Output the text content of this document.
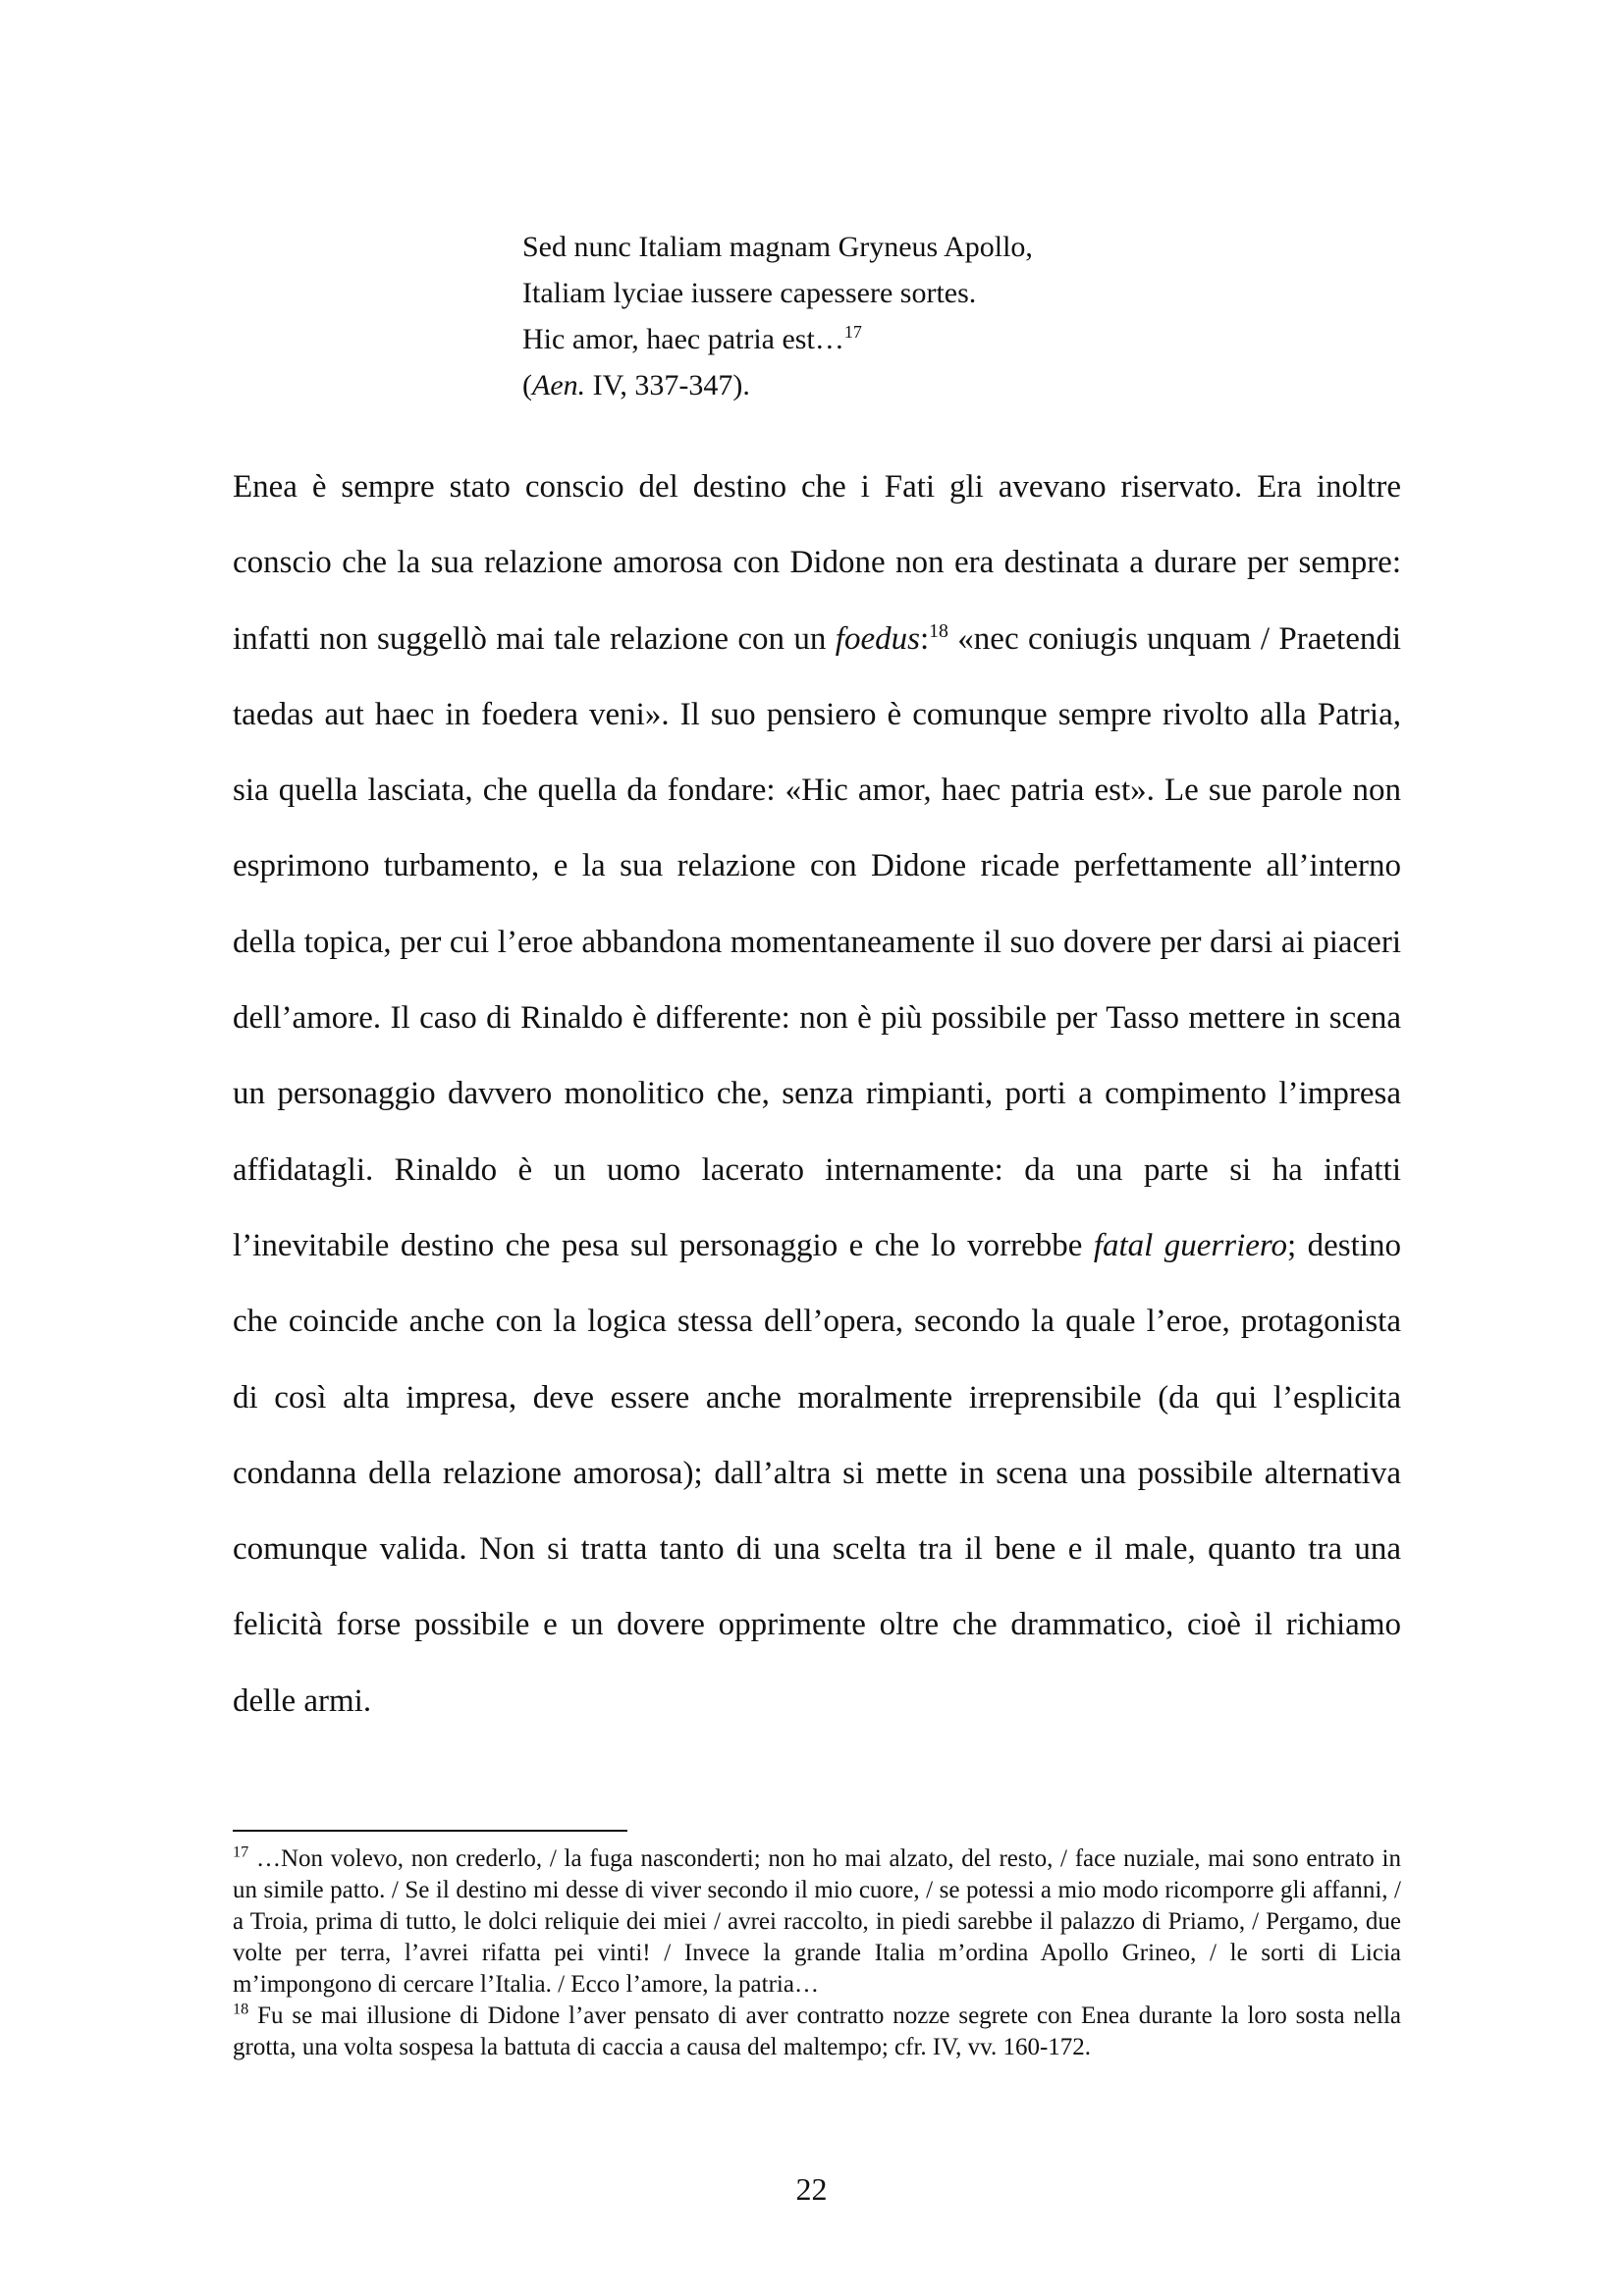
Sed nunc Italiam magnam Gryneus Apollo,
Italiam lyciae iussere capessere sortes.
Hic amor, haec patria est…$^{17}$
(Aen. IV, 337-347).

Enea è sempre stato conscio del destino che i Fati gli avevano riservato. Era inoltre conscio che la sua relazione amorosa con Didone non era destinata a durare per sempre: infatti non suggellò mai tale relazione con un foedus:$^{18}$ «nec coniugis unquam / Praetendi taedas aut haec in foedera veni». Il suo pensiero è comunque sempre rivolto alla Patria, sia quella lasciata, che quella da fondare: «Hic amor, haec patria est». Le sue parole non esprimono turbamento, e la sua relazione con Didone ricade perfettamente all’interno della topica, per cui l’eroe abbandona momentaneamente il suo dovere per darsi ai piaceri dell’amore. Il caso di Rinaldo è differente: non è più possibile per Tasso mettere in scena un personaggio davvero monolitico che, senza rimpianti, porti a compimento l’impresa affidatagli. Rinaldo è un uomo lacerato internamente: da una parte si ha infatti l’inevitabile destino che pesa sul personaggio e che lo vorrebbe fatal guerriero; destino che coincide anche con la logica stessa dell’opera, secondo la quale l’eroe, protagonista di così alta impresa, deve essere anche moralmente irreprensibile (da qui l’esplicita condanna della relazione amorosa); dall’altra si mette in scena una possibile alternativa comunque valida. Non si tratta tanto di una scelta tra il bene e il male, quanto tra una felicità forse possibile e un dovere opprimente oltre che drammatico, cioè il richiamo delle armi.

$^{17}$ …Non volevo, non crederlo, / la fuga nasconderti; non ho mai alzato, del resto, / face nuziale, mai sono entrato in un simile patto. / Se il destino mi desse di viver secondo il mio cuore, / se potessi a mio modo ricomporre gli affanni, / a Troia, prima di tutto, le dolci reliquie dei miei / avrei raccolto, in piedi sarebbe il palazzo di Priamo, / Pergamo, due volte per terra, l’avrei rifatta pei vinti! / Invece la grande Italia m’ordina Apollo Grineo, / le sorti di Licia m’impongono di cercare l’Italia. / Ecco l’amore, la patria…

$^{18}$ Fu se mai illusione di Didone l’aver pensato di aver contratto nozze segrete con Enea durante la loro sosta nella grotta, una volta sospesa la battuta di caccia a causa del maltempo; cfr. IV, vv. 160-172.

22
